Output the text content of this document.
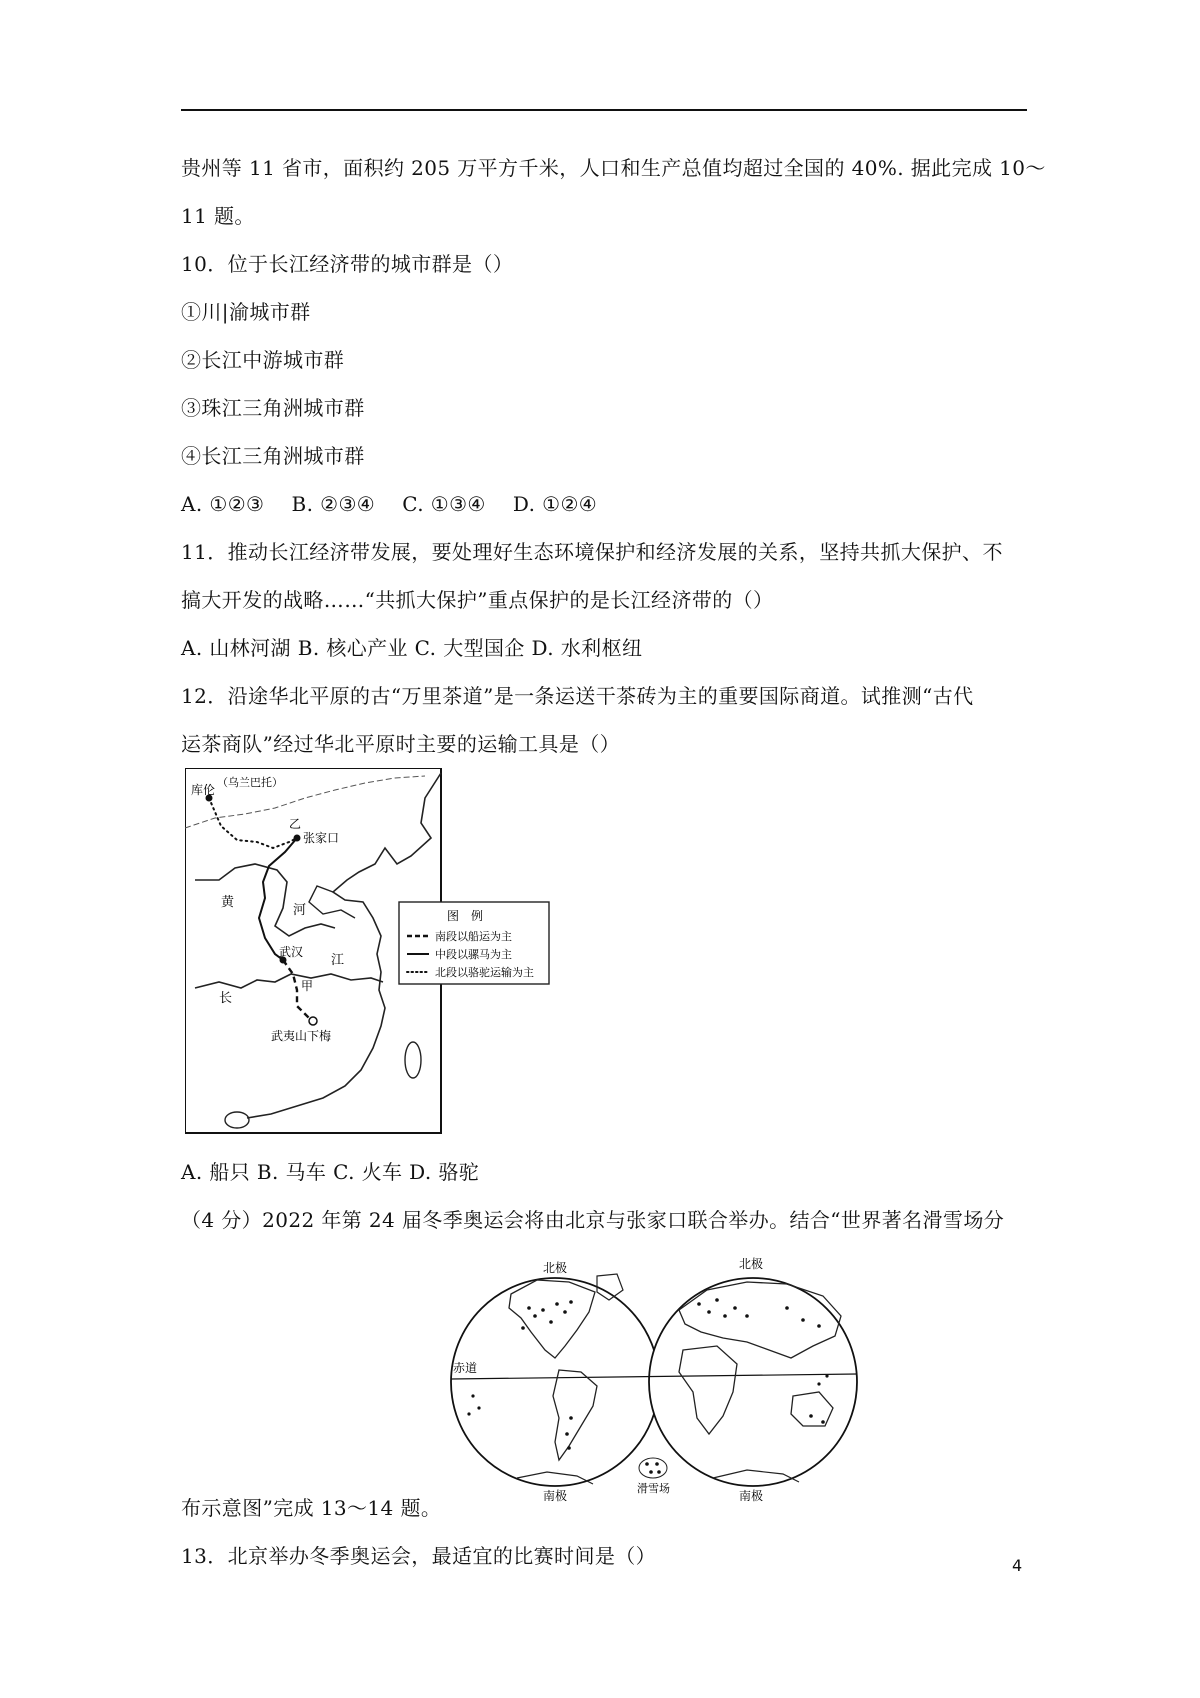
贵州等 11 省市，面积约 205 万平方千米，人口和生产总值均超过全国的 40%. 据此完成 10～
11 题。
10．位于长江经济带的城市群是（）
①川|渝城市群
②长江中游城市群
③珠江三角洲城市群
④长江三角洲城市群
A. ①②③　 B. ②③④　 C. ①③④　 D. ①②④
11．推动长江经济带发展，要处理好生态环境保护和经济发展的关系，坚持共抓大保护、不
搞大开发的战略……“共抓大保护”重点保护的是长江经济带的（）
A. 山林河湖 B. 核心产业 C. 大型国企 D. 水利枢纽
12．沿途华北平原的古“万里茶道”是一条运送干茶砖为主的重要国际商道。试推测“古代
运茶商队”经过华北平原时主要的运输工具是（）
库伦
（乌兰巴托）
乙
张家口
河
黄
武汉
江
长
甲
武夷山下梅
图　例
南段以船运为主
中段以骡马为主
北段以骆驼运输为主
A. 船只 B. 马车 C. 火车 D. 骆驼
（4 分）2022 年第 24 届冬季奥运会将由北京与张家口联合举办。结合“世界著名滑雪场分
北极	北极
赤道
南极	南极
滑雪场
布示意图”完成 13～14 题。
13．北京举办冬季奥运会，最适宜的比赛时间是（）	4
